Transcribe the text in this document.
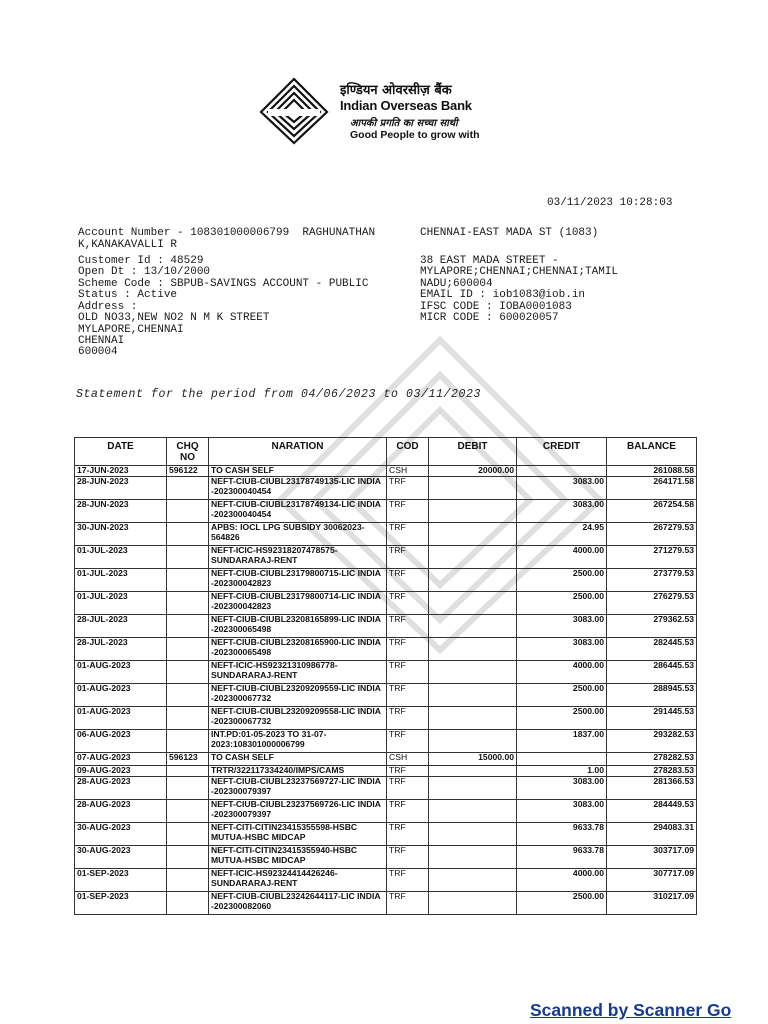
इण्डियन ओवरसीज़ बैंक
Indian Overseas Bank
आपकी प्रगति का सच्चा साथी
Good People to grow with
03/11/2023 10:28:03
Account Number - 108301000006799  RAGHUNATHAN
K,KANAKAVALLI R
CHENNAI-EAST MADA ST (1083)
Customer Id : 48529
Open Dt : 13/10/2000
Scheme Code : SBPUB-SAVINGS ACCOUNT - PUBLIC
Status : Active
Address :
OLD NO33,NEW NO2 N M K STREET
MYLAPORE,CHENNAI
CHENNAI
600004
38 EAST MADA STREET -
MYLAPORE;CHENNAI;CHENNAI;TAMIL
NADU;600004
EMAIL ID : iob1083@iob.in
IFSC CODE : IOBA0001083
MICR CODE : 600020057
Statement for the period from 04/06/2023 to 03/11/2023
DATE	CHQ NO	NARATION	COD	DEBIT	CREDIT	BALANCE
17-JUN-2023	596122	TO CASH SELF	CSH	20000.00		261088.58
28-JUN-2023		NEFT-CIUB-CIUBL23178749135-LIC INDIA -202300040454	TRF		3083.00	264171.58
28-JUN-2023		NEFT-CIUB-CIUBL23178749134-LIC INDIA -202300040454	TRF		3083.00	267254.58
30-JUN-2023		APBS: IOCL LPG SUBSIDY 30062023-564826	TRF		24.95	267279.53
01-JUL-2023		NEFT-ICIC-HS92318207478575-SUNDARARAJ-RENT	TRF		4000.00	271279.53
01-JUL-2023		NEFT-CIUB-CIUBL23179800715-LIC INDIA -202300042823	TRF		2500.00	273779.53
01-JUL-2023		NEFT-CIUB-CIUBL23179800714-LIC INDIA -202300042823	TRF		2500.00	276279.53
28-JUL-2023		NEFT-CIUB-CIUBL23208165899-LIC INDIA -202300065498	TRF		3083.00	279362.53
28-JUL-2023		NEFT-CIUB-CIUBL23208165900-LIC INDIA -202300065498	TRF		3083.00	282445.53
01-AUG-2023		NEFT-ICIC-HS92321310986778-SUNDARARAJ-RENT	TRF		4000.00	286445.53
01-AUG-2023		NEFT-CIUB-CIUBL23209209559-LIC INDIA -202300067732	TRF		2500.00	288945.53
01-AUG-2023		NEFT-CIUB-CIUBL23209209558-LIC INDIA -202300067732	TRF		2500.00	291445.53
06-AUG-2023		INT.PD:01-05-2023 TO 31-07-2023:108301000006799	TRF		1837.00	293282.53
07-AUG-2023	596123	TO CASH SELF	CSH	15000.00		278282.53
09-AUG-2023		TRTR/322117334240/IMPS/CAMS	TRF		1.00	278283.53
28-AUG-2023		NEFT-CIUB-CIUBL23237569727-LIC INDIA -202300079397	TRF		3083.00	281366.53
28-AUG-2023		NEFT-CIUB-CIUBL23237569726-LIC INDIA -202300079397	TRF		3083.00	284449.53
30-AUG-2023		NEFT-CITI-CITIN23415355598-HSBC MUTUA-HSBC MIDCAP	TRF		9633.78	294083.31
30-AUG-2023		NEFT-CITI-CITIN23415355940-HSBC MUTUA-HSBC MIDCAP	TRF		9633.78	303717.09
01-SEP-2023		NEFT-ICIC-HS92324414426246-SUNDARARAJ-RENT	TRF		4000.00	307717.09
01-SEP-2023		NEFT-CIUB-CIUBL23242644117-LIC INDIA -202300082060	TRF		2500.00	310217.09
Scanned by Scanner Go
